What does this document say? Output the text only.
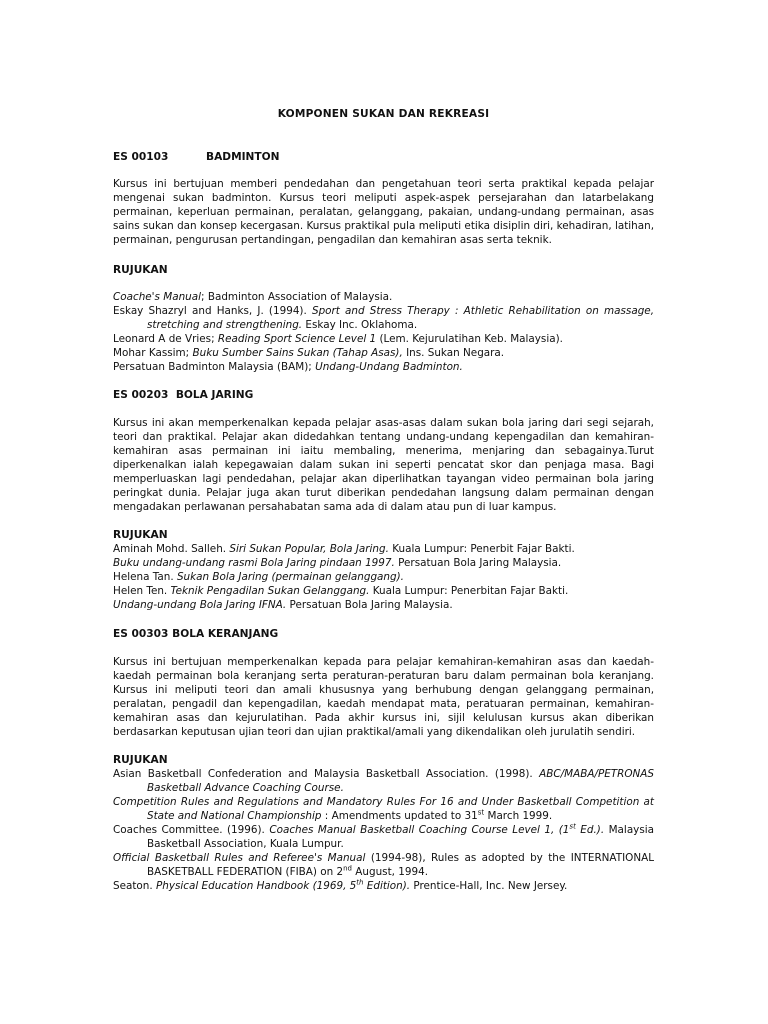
KOMPONEN SUKAN DAN REKREASI
ES 00103	BADMINTON
Kursus ini bertujuan memberi pendedahan dan pengetahuan teori serta praktikal kepada pelajar mengenai sukan badminton. Kursus teori meliputi aspek-aspek persejarahan dan latarbelakang permainan, keperluan permainan, peralatan, gelanggang, pakaian, undang-undang permainan, asas sains sukan dan konsep kecergasan. Kursus praktikal pula meliputi etika disiplin diri, kehadiran, latihan, permainan, pengurusan pertandingan, pengadilan dan kemahiran asas serta teknik.
RUJUKAN

Coache's Manual; Badminton Association of Malaysia.

Eskay Shazryl and Hanks, J. (1994). Sport and Stress Therapy : Athletic Rehabilitation on massage, stretching and strengthening. Eskay Inc. Oklahoma.

Leonard A de Vries; Reading Sport Science Level 1 (Lem. Kejurulatihan Keb. Malaysia).

Mohar Kassim; Buku Sumber Sains Sukan (Tahap Asas), Ins. Sukan Negara.

Persatuan Badminton Malaysia (BAM); Undang-Undang Badminton.

ES 00203 BOLA JARING
Kursus ini akan memperkenalkan kepada pelajar asas-asas dalam sukan bola jaring dari segi sejarah, teori dan praktikal. Pelajar akan didedahkan tentang undang-undang kepengadilan dan kemahiran-kemahiran asas permainan ini iaitu membaling, menerima, menjaring dan sebagainya.Turut diperkenalkan ialah kepegawaian dalam sukan ini seperti pencatat skor dan penjaga masa. Bagi memperluaskan lagi pendedahan, pelajar akan diperlihatkan tayangan video permainan bola jaring peringkat dunia. Pelajar juga akan turut diberikan pendedahan langsung dalam permainan dengan mengadakan perlawanan persahabatan sama ada di dalam atau pun di luar kampus.
RUJUKAN

Aminah Mohd. Salleh. Siri Sukan Popular, Bola Jaring. Kuala Lumpur: Penerbit Fajar Bakti.

Buku undang-undang rasmi Bola Jaring pindaan 1997. Persatuan Bola Jaring Malaysia.

Helena Tan. Sukan Bola Jaring (permainan gelanggang).

Helen Ten. Teknik Pengadilan Sukan Gelanggang. Kuala Lumpur: Penerbitan Fajar Bakti.

Undang-undang Bola Jaring IFNA. Persatuan Bola Jaring Malaysia.

ES 00303 BOLA KERANJANG
Kursus ini bertujuan memperkenalkan kepada para pelajar kemahiran-kemahiran asas dan kaedah-kaedah permainan bola keranjang serta peraturan-peraturan baru dalam permainan bola keranjang. Kursus ini meliputi teori dan amali khususnya yang berhubung dengan gelanggang permainan, peralatan, pengadil dan kepengadilan, kaedah mendapat mata, peratuaran permainan, kemahiran-kemahiran asas dan kejurulatihan. Pada akhir kursus ini, sijil kelulusan kursus akan diberikan berdasarkan keputusan ujian teori dan ujian praktikal/amali yang dikendalikan oleh jurulatih sendiri.
RUJUKAN

Asian Basketball Confederation and Malaysia Basketball Association. (1998). ABC/MABA/PETRONAS Basketball Advance Coaching Course.

Competition Rules and Regulations and Mandatory Rules For 16 and Under Basketball Competition at State and National Championship : Amendments updated to 31st March 1999.

Coaches Committee. (1996). Coaches Manual Basketball Coaching Course Level 1, (1st Ed.). Malaysia Basketball Association, Kuala Lumpur.

Official Basketball Rules and Referee's Manual (1994-98), Rules as adopted by the INTERNATIONAL BASKETBALL FEDERATION (FIBA) on 2nd August, 1994.

Seaton. Physical Education Handbook (1969, 5th Edition). Prentice-Hall, Inc. New Jersey.
